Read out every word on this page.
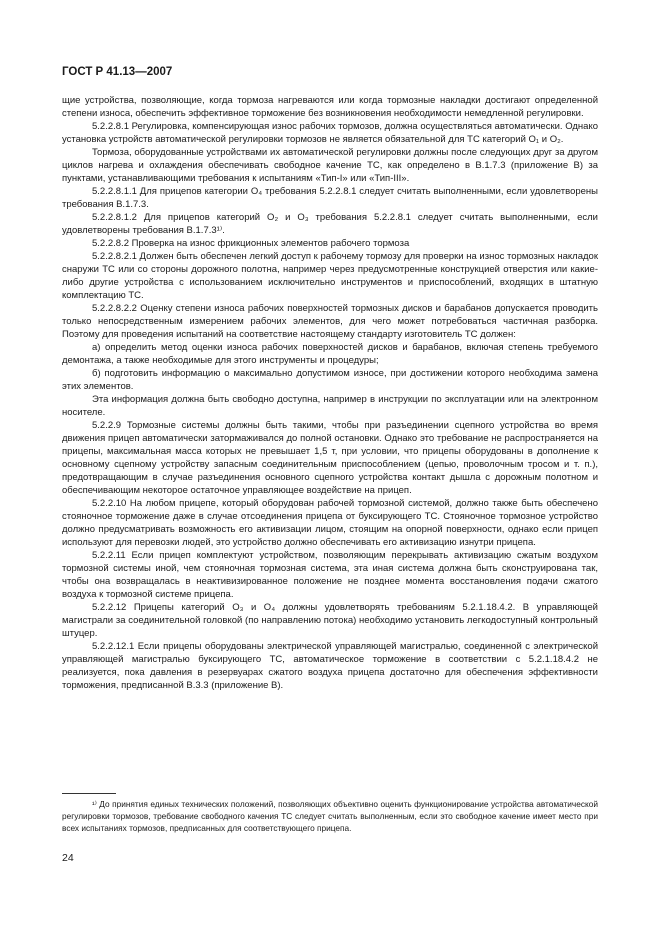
ГОСТ Р 41.13—2007

щие устройства, позволяющие, когда тормоза нагреваются или когда тормозные накладки достигают определенной степени износа, обеспечить эффективное торможение без возникновения необходимости немедленной регулировки.

5.2.2.8.1 Регулировка, компенсирующая износ рабочих тормозов, должна осуществляться автоматически. Однако установка устройств автоматической регулировки тормозов не является обязательной для ТС категорий O₁ и O₂.

Тормоза, оборудованные устройствами их автоматической регулировки должны после следующих друг за другом циклов нагрева и охлаждения обеспечивать свободное качение ТС, как определено в В.1.7.3 (приложение В) за пунктами, устанавливающими требования к испытаниям «Тип-I» или «Тип-III».

5.2.2.8.1.1 Для прицепов категории O₄ требования 5.2.2.8.1 следует считать выполненными, если удовлетворены требования В.1.7.3.

5.2.2.8.1.2 Для прицепов категорий O₂ и O₃ требования 5.2.2.8.1 следует считать выполненными, если удовлетворены требования В.1.7.3¹⁾.

5.2.2.8.2 Проверка на износ фрикционных элементов рабочего тормоза

5.2.2.8.2.1 Должен быть обеспечен легкий доступ к рабочему тормозу для проверки на износ тормозных накладок снаружи ТС или со стороны дорожного полотна, например через предусмотренные конструкцией отверстия или какие-либо другие устройства с использованием исключительно инструментов и приспособлений, входящих в штатную комплектацию ТС.

5.2.2.8.2.2 Оценку степени износа рабочих поверхностей тормозных дисков и барабанов допускается проводить только непосредственным измерением рабочих элементов, для чего может потребоваться частичная разборка. Поэтому для проведения испытаний на соответствие настоящему стандарту изготовитель ТС должен:

а) определить метод оценки износа рабочих поверхностей дисков и барабанов, включая степень требуемого демонтажа, а также необходимые для этого инструменты и процедуры;

б) подготовить информацию о максимально допустимом износе, при достижении которого необходима замена этих элементов.

Эта информация должна быть свободно доступна, например в инструкции по эксплуатации или на электронном носителе.

5.2.2.9 Тормозные системы должны быть такими, чтобы при разъединении сцепного устройства во время движения прицеп автоматически затормаживался до полной остановки. Однако это требование не распространяется на прицепы, максимальная масса которых не превышает 1,5 т, при условии, что прицепы оборудованы в дополнение к основному сцепному устройству запасным соединительным приспособлением (цепью, проволочным тросом и т. п.), предотвращающим в случае разъединения основного сцепного устройства контакт дышла с дорожным полотном и обеспечивающим некоторое остаточное управляющее воздействие на прицеп.

5.2.2.10 На любом прицепе, который оборудован рабочей тормозной системой, должно также быть обеспечено стояночное торможение даже в случае отсоединения прицепа от буксирующего ТС. Стояночное тормозное устройство должно предусматривать возможность его активизации лицом, стоящим на опорной поверхности, однако если прицеп используют для перевозки людей, это устройство должно обеспечивать его активизацию изнутри прицепа.

5.2.2.11 Если прицеп комплектуют устройством, позволяющим перекрывать активизацию сжатым воздухом тормозной системы иной, чем стояночная тормозная система, эта иная система должна быть сконструирована так, чтобы она возвращалась в неактивизированное положение не позднее момента восстановления подачи сжатого воздуха к тормозной системе прицепа.

5.2.2.12 Прицепы категорий O₃ и O₄ должны удовлетворять требованиям 5.2.1.18.4.2. В управляющей магистрали за соединительной головкой (по направлению потока) необходимо установить легкодоступный контрольный штуцер.

5.2.2.12.1 Если прицепы оборудованы электрической управляющей магистралью, соединенной с электрической управляющей магистралью буксирующего ТС, автоматическое торможение в соответствии с 5.2.1.18.4.2 не реализуется, пока давления в резервуарах сжатого воздуха прицепа достаточно для обеспечения эффективности торможения, предписанной В.3.3 (приложение В).

¹⁾ До принятия единых технических положений, позволяющих объективно оценить функционирование устройства автоматической регулировки тормозов, требование свободного качения ТС следует считать выполненным, если это свободное качение имеет место при всех испытаниях тормозов, предписанных для соответствующего прицепа.
24
